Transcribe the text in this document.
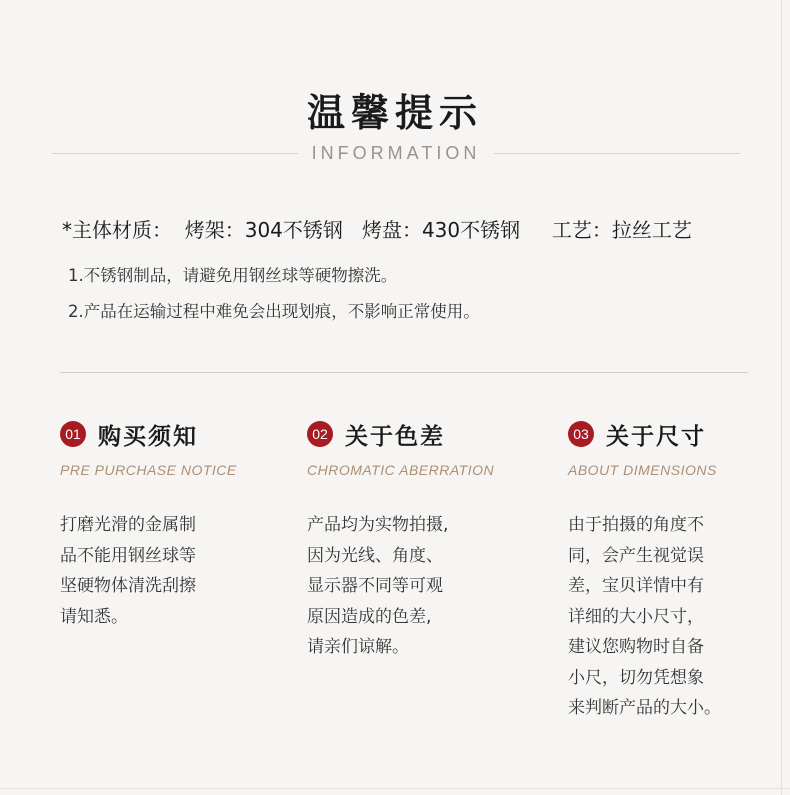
温馨提示
INFORMATION
*主体材质：  烤架：304不锈钢   烤盘：430不锈钢     工艺：拉丝工艺
1.不锈钢制品，请避免用钢丝球等硬物擦洗。
2.产品在运输过程中难免会出现划痕，不影响正常使用。
01 购买须知
PRE PURCHASE NOTICE
打磨光滑的金属制
品不能用钢丝球等
坚硬物体清洗刮擦
请知悉。
02 关于色差
CHROMATIC ABERRATION
产品均为实物拍摄,
因为光线、角度、
显示器不同等可观
原因造成的色差,
请亲们谅解。
03 关于尺寸
ABOUT DIMENSIONS
由于拍摄的角度不
同，会产生视觉误
差，宝贝详情中有
详细的大小尺寸，
建议您购物时自备
小尺，切勿凭想象
来判断产品的大小。
